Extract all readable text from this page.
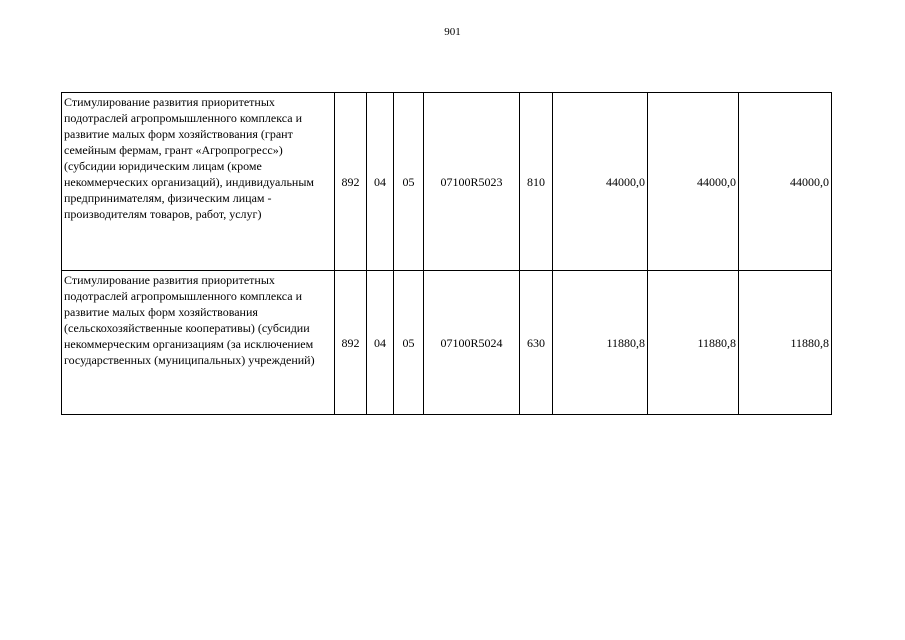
901
Стимулирование развития приоритетных подотраслей агропромышленного комплекса и развитие малых форм хозяйствования (грант семейным фермам, грант «Агропрогресс») (субсидии юридическим лицам (кроме некоммерческих организаций), индивидуальным предпринимателям, физическим лицам - производителям товаров, работ, услуг)	892	04	05	07100R5023	810	44000,0	44000,0	44000,0
Стимулирование развития приоритетных подотраслей агропромышленного комплекса и развитие малых форм хозяйствования (сельскохозяйственные кооперативы) (субсидии некоммерческим организациям (за исключением государственных (муниципальных) учреждений)	892	04	05	07100R5024	630	11880,8	11880,8	11880,8
